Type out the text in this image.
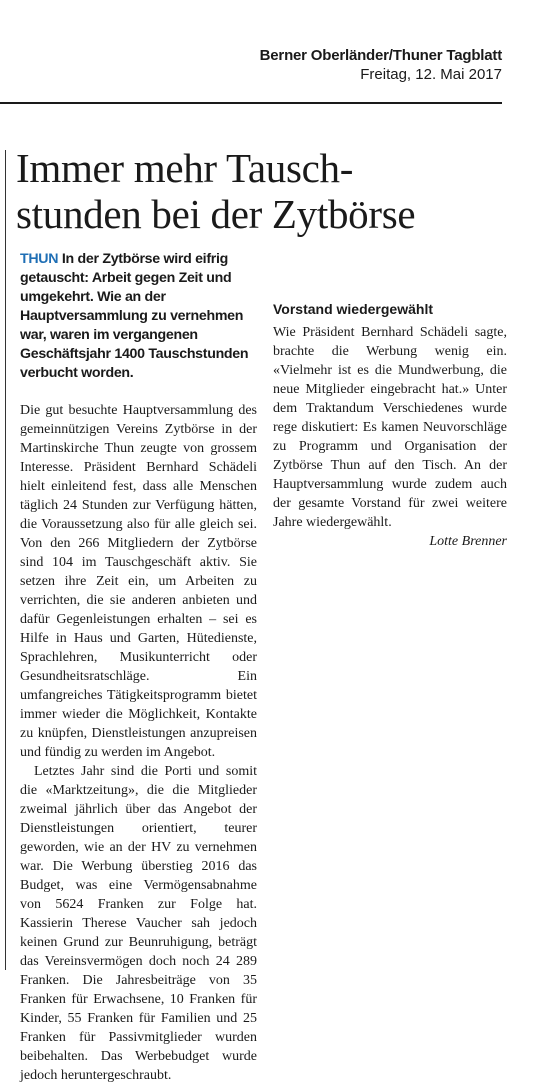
Berner Oberländer/Thuner Tagblatt
Freitag, 12. Mai 2017
Immer mehr Tausch-
stunden bei der Zytbörse

THUN In der Zytbörse wird eifrig getauscht: Arbeit gegen Zeit und umgekehrt. Wie an der Hauptversammlung zu vernehmen war, waren im vergangenen Geschäftsjahr 1400 Tauschstunden verbucht worden.

Die gut besuchte Hauptversammlung des gemeinnützigen Vereins Zytbörse in der Martinskirche Thun zeugte von grossem Interesse. Präsident Bernhard Schädeli hielt einleitend fest, dass alle Menschen täglich 24 Stunden zur Verfügung hätten, die Voraussetzung also für alle gleich sei. Von den 266 Mitgliedern der Zytbörse sind 104 im Tauschgeschäft aktiv. Sie setzen ihre Zeit ein, um Arbeiten zu verrichten, die sie anderen anbieten und dafür Gegenleistungen erhalten – sei es Hilfe in Haus und Garten, Hütedienste, Sprachlehren, Musikunterricht oder Gesundheitsratschläge. Ein umfangreiches Tätigkeitsprogramm bietet immer wieder die Möglichkeit, Kontakte zu knüpfen, Dienstleistungen anzupreisen und fündig zu werden im Angebot.

Letztes Jahr sind die Porti und somit die «Marktzeitung», die die Mitglieder zweimal jährlich über das Angebot der Dienstleistungen orientiert, teurer geworden, wie an der HV zu vernehmen war. Die Werbung überstieg 2016 das Budget, was eine Vermögensabnahme von 5624 Franken zur Folge hat. Kassierin Therese Vaucher sah jedoch keinen Grund zur Beunruhigung, beträgt das Vereinsvermögen doch noch 24 289 Franken. Die Jahresbeiträge von 35 Franken für Erwachsene, 10 Franken für Kinder, 55 Franken für Familien und 25 Franken für Passivmitglieder wurden beibehalten. Das Werbebudget wurde jedoch heruntergeschraubt.

Vorstand wiedergewählt

Wie Präsident Bernhard Schädeli sagte, brachte die Werbung wenig ein. «Vielmehr ist es die Mundwerbung, die neue Mitglieder eingebracht hat.» Unter dem Traktandum Verschiedenes wurde rege diskutiert: Es kamen Neuvorschläge zu Programm und Organisation der Zytbörse Thun auf den Tisch. An der Hauptversammlung wurde zudem auch der gesamte Vorstand für zwei weitere Jahre wiedergewählt.

Lotte Brenner
